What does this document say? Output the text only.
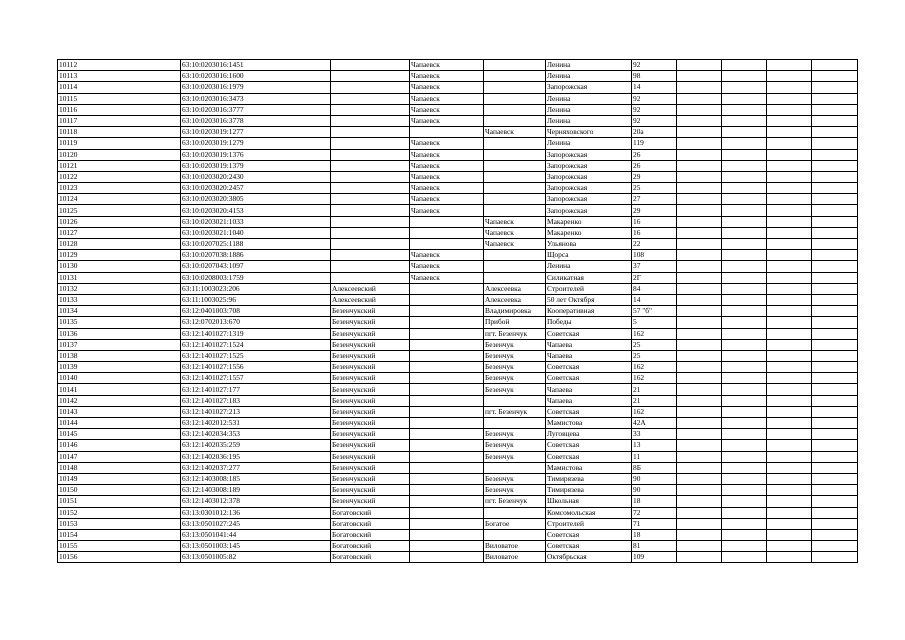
10112	63:10:0203016:1451		Чапаевск		Ленина	92				
10113	63:10:0203016:1600		Чапаевск		Ленина	98				
10114	63:10:0203016:1979		Чапаевск		Запорожская	14				
10115	63:10:0203016:3473		Чапаевск		Ленина	92				
10116	63:10:0203016:3777		Чапаевск		Ленина	92				
10117	63:10:0203016:3778		Чапаевск		Ленина	92				
10118	63:10:0203019:1277			Чапаевск	Черняховского	20а				
10119	63:10:0203019:1279		Чапаевск		Ленина	119				
10120	63:10:0203019:1376		Чапаевск		Запорожская	26				
10121	63:10:0203019:1379		Чапаевск		Запорожская	26				
10122	63:10:0203020:2430		Чапаевск		Запорожская	29				
10123	63:10:0203020:2457		Чапаевск		Запорожская	25				
10124	63:10:0203020:3805		Чапаевск		Запорожская	27				
10125	63:10:0203020:4153		Чапаевск		Запорожская	29				
10126	63:10:0203021:1033			Чапаевск	Макаренко	16				
10127	63:10:0203021:1040			Чапаевск	Макаренко	16				
10128	63:10:0207025:1188			Чапаевск	Ульянова	22				
10129	63:10:0207038:1886		Чапаевск		Щорса	108				
10130	63:10:0207043:1097		Чапаевск		Ленина	37				
10131	63:10:0208003:1759		Чапаевск		Силикатная	2Г				
10132	63:11:1003023:206	Алексеевский		Алексеевка	Строителей	84				
10133	63:11:1003025:96	Алексеевский		Алексеевка	50 лет Октября	14				
10134	63:12:0401003:708	Безенчукский		Владимировка	Кооперативная	57 "б"				
10135	63:12:0702013:670	Безенчукский		Прибой	Победы	5				
10136	63:12:1401027:1319	Безенчукский		пгт. Безенчук	Советская	162				
10137	63:12:1401027:1524	Безенчукский		Безенчук	Чапаева	25				
10138	63:12:1401027:1525	Безенчукский		Безенчук	Чапаева	25				
10139	63:12:1401027:1556	Безенчукский		Безенчук	Советская	162				
10140	63:12:1401027:1557	Безенчукский		Безенчук	Советская	162				
10141	63:12:1401027:177	Безенчукский		Безенчук	Чапаева	21				
10142	63:12:1401027:183	Безенчукский			Чапаева	21				
10143	63:12:1401027:213	Безенчукский		пгт. Безенчук	Советская	162				
10144	63:12:1402012:531	Безенчукский			Мамистова	42А				
10145	63:12:1402034:353	Безенчукский		Безенчук	Луговцева	33				
10146	63:12:1402035:259	Безенчукский		Безенчук	Советская	13				
10147	63:12:1402036:195	Безенчукский		Безенчук	Советская	11				
10148	63:12:1402037:277	Безенчукский			Мамистова	8Б				
10149	63:12:1403008:185	Безенчукский		Безенчук	Тимирязева	90				
10150	63:12:1403008:189	Безенчукский		Безенчук	Тимирязева	90				
10151	63:12:1403012:378	Безенчукский		пгт. Безенчук	Школьная	18				
10152	63:13:0301012:136	Богатовский			Комсомольская	72				
10153	63:13:0501027:245	Богатовский		Богатое	Строителей	71				
10154	63:13:0501041:44	Богатовский			Советская	18				
10155	63:13:0501003:145	Богатовский		Виловатое	Советская	81				
10156	63:13:0501005:82	Богатовский		Виловатое	Октябрьская	109				
